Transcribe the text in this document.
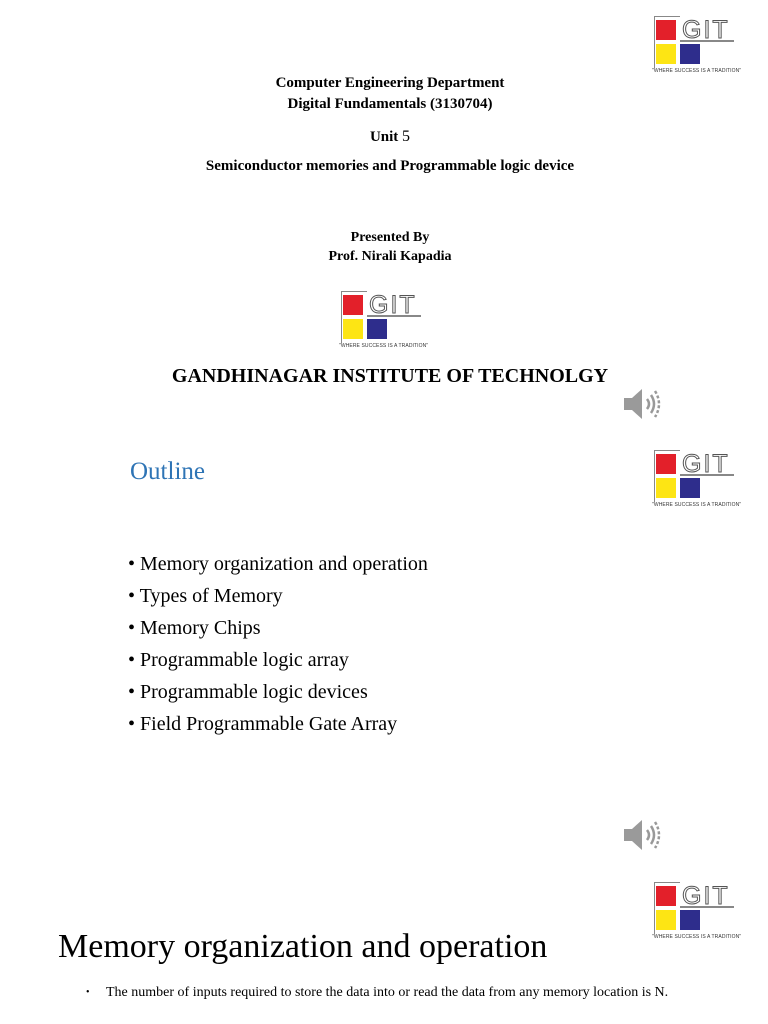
GIT
"WHERE SUCCESS IS A TRADITION"
Computer Engineering Department
Digital Fundamentals (3130704)
Unit 5
Semiconductor memories and Programmable logic device
Presented By
Prof. Nirali Kapadia
GIT
"WHERE SUCCESS IS A TRADITION"
GANDHINAGAR INSTITUTE OF TECHNOLGY
Outline	GIT
"WHERE SUCCESS IS A TRADITION"
• Memory organization and operation
• Types of Memory
• Memory Chips
• Programmable logic array
• Programmable logic devices
• Field Programmable Gate Array
GIT
"WHERE SUCCESS IS A TRADITION"
Memory organization and operation
•	The number of inputs required to store the data into or read the data from any memory location is N.
